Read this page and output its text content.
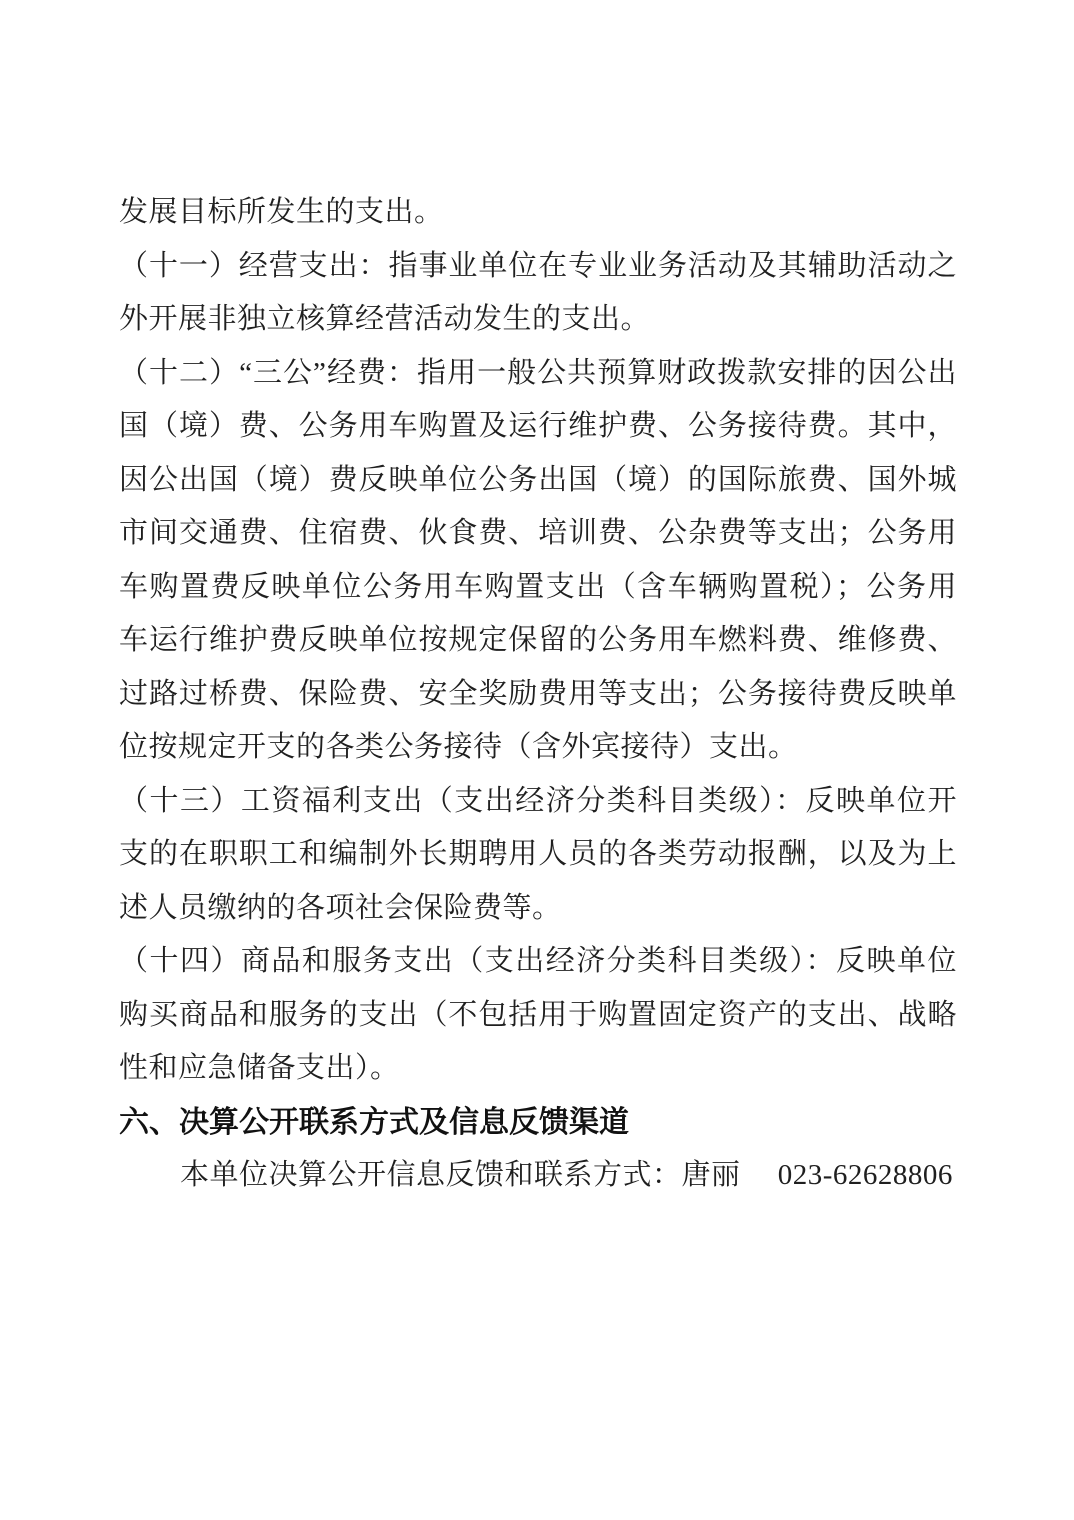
发展目标所发生的支出。
（十一）经营支出：指事业单位在专业业务活动及其辅助活动之
外开展非独立核算经营活动发生的支出。
（十二）“三公”经费：指用一般公共预算财政拨款安排的因公出
国（境）费、公务用车购置及运行维护费、公务接待费。其中，
因公出国（境）费反映单位公务出国（境）的国际旅费、国外城
市间交通费、住宿费、伙食费、培训费、公杂费等支出；公务用
车购置费反映单位公务用车购置支出（含车辆购置税）；公务用
车运行维护费反映单位按规定保留的公务用车燃料费、维修费、
过路过桥费、保险费、安全奖励费用等支出；公务接待费反映单
位按规定开支的各类公务接待（含外宾接待）支出。
（十三）工资福利支出（支出经济分类科目类级）：反映单位开
支的在职职工和编制外长期聘用人员的各类劳动报酬，以及为上
述人员缴纳的各项社会保险费等。
（十四）商品和服务支出（支出经济分类科目类级）：反映单位
购买商品和服务的支出（不包括用于购置固定资产的支出、战略
性和应急储备支出）。
六、决算公开联系方式及信息反馈渠道
本单位决算公开信息反馈和联系方式：唐丽　 023-62628806
